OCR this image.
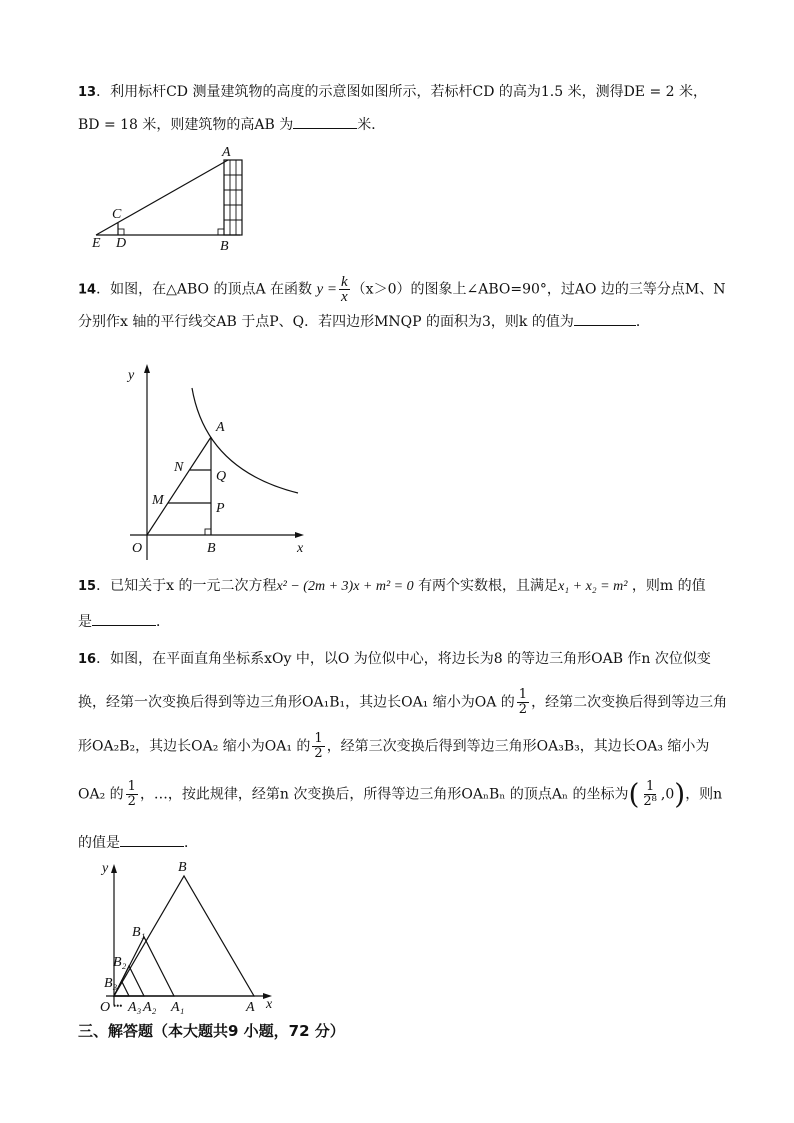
13．利用标杆CD 测量建筑物的高度的示意图如图所示，若标杆CD 的高为1.5 米，测得DE = 2 米，
BD = 18 米，则建筑物的高AB 为	米．
A
B
C
D
E
14．如图，在△ABO 的顶点A 在函数 $y = \frac{k}{x} (x>0)$的图象上∠ABO=90°，过AO 边的三等分点M、N
分别作x 轴的平行线交AB 于点P、Q．若四边形MNQP 的面积为3，则k 的值为	．
y
x
O	B
A
N
Q
M
P
15．已知关于x 的一元二次方程x² − (2m + 3)x + m² = 0 有两个实数根，且满足x₁ + x₂ = m² ，则m 的值
是	．
16．如图，在平面直角坐标系xOy 中，以O 为位似中心，将边长为8 的等边三角形OAB 作n 次位似变
换，经第一次变换后得到等边三角形OA₁B₁，其边长OA₁ 缩小为OA 的 $\frac{1}{2}$ ，经第二次变换后得到等边三角
形OA₂B₂，其边长OA₂ 缩小为OA₁ 的 $\frac{1}{2}$ ，经第三次变换后得到等边三角形OA₃B₃，其边长OA₃ 缩小为
OA₂ 的 $\frac{1}{2}$ ，…，按此规律，经第n 次变换后，所得等边三角形OAₙBₙ 的顶点Aₙ 的坐标为( $\frac{1}{\text{2⁸}} ,0$)，则n
的值是	．
y
x
B
B₁
B₂
B₃
O ••• A₃ A₂ A₁	A
三、解答题（本大题共9 小题，72 分）
